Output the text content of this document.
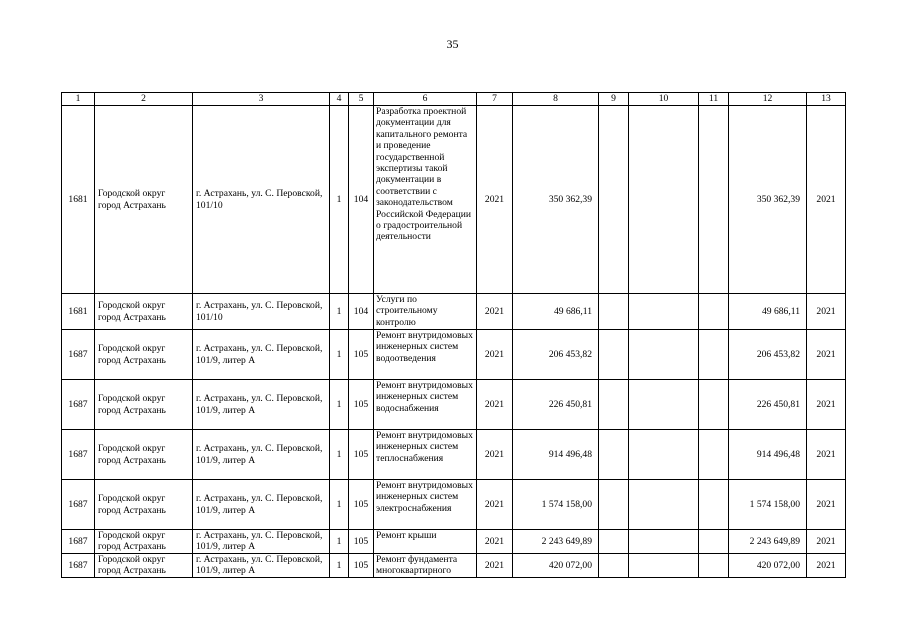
35
1	2	3	4	5	6	7	8	9	10	11	12	13
1681	Городской округ город Астрахань	г. Астрахань, ул. С. Перовской, 101/10	1	104	Разработка проектной документации для капитального ремонта и проведение государственной экспертизы такой документации в соответствии с законодательством Российской Федерации о градостроительной деятельности	2021	350 362,39				350 362,39	2021
1681	Городской округ город Астрахань	г. Астрахань, ул. С. Перовской, 101/10	1	104	Услуги по строительному контролю	2021	49 686,11				49 686,11	2021
1687	Городской округ город Астрахань	г. Астрахань, ул. С. Перовской, 101/9, литер А	1	105	Ремонт внутридомовых инженерных систем водоотведения	2021	206 453,82				206 453,82	2021
1687	Городской округ город Астрахань	г. Астрахань, ул. С. Перовской, 101/9, литер А	1	105	Ремонт внутридомовых инженерных систем водоснабжения	2021	226 450,81				226 450,81	2021
1687	Городской округ город Астрахань	г. Астрахань, ул. С. Перовской, 101/9, литер А	1	105	Ремонт внутридомовых инженерных систем теплоснабжения	2021	914 496,48				914 496,48	2021
1687	Городской округ город Астрахань	г. Астрахань, ул. С. Перовской, 101/9, литер А	1	105	Ремонт внутридомовых инженерных систем электроснабжения	2021	1 574 158,00				1 574 158,00	2021
1687	Городской округ город Астрахань	г. Астрахань, ул. С. Перовской, 101/9, литер А	1	105	Ремонт крыши	2021	2 243 649,89				2 243 649,89	2021
1687	Городской округ город Астрахань	г. Астрахань, ул. С. Перовской, 101/9, литер А	1	105	Ремонт фундамента многоквартирного	2021	420 072,00				420 072,00	2021
